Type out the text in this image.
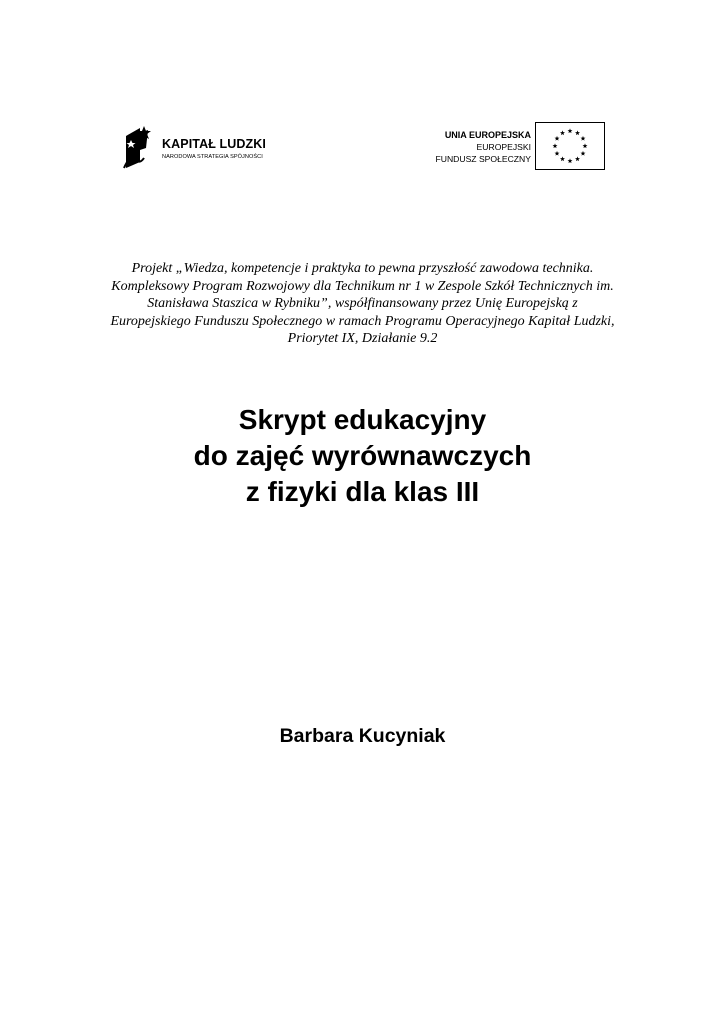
KAPITAŁ LUDZKI
NARODOWA STRATEGIA SPÓJNOŚCI
UNIA EUROPEJSKA
EUROPEJSKI
FUNDUSZ SPOŁECZNY
Projekt „Wiedza, kompetencje i praktyka to pewna przyszłość zawodowa technika.
Kompleksowy Program Rozwojowy dla Technikum nr 1 w Zespole Szkół Technicznych im.
Stanisława Staszica w Rybniku”, współfinansowany przez Unię Europejską z
Europejskiego Funduszu Społecznego w ramach Programu Operacyjnego Kapitał Ludzki,
Priorytet IX, Działanie 9.2
Skrypt edukacyjny
do zajęć wyrównawczych
z fizyki dla klas III
Barbara Kucyniak
